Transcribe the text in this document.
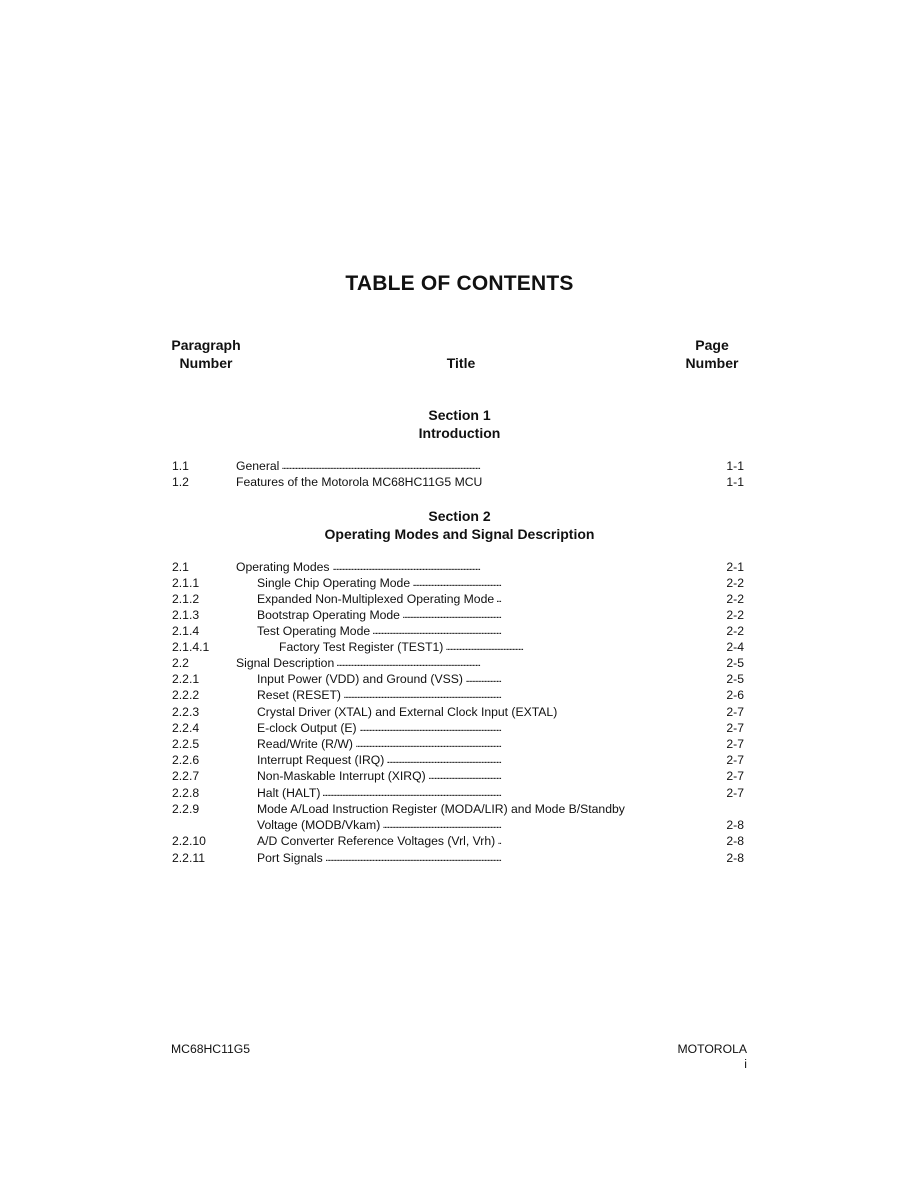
TABLE OF CONTENTS
Paragraph
Number	Title
Page
Number
Section 1
Introduction
1.1	General . . .	1-1
1.2	Features of the Motorola MC68HC11G5 MCU . . .	1-1
Section 2
Operating Modes and Signal Description
2.1	Operating Modes . . .	2-1
2.1.1	Single Chip Operating Mode . . .	2-2
2.1.2	Expanded Non-Multiplexed Operating Mode . . .	2-2
2.1.3	Bootstrap Operating Mode . . .	2-2
2.1.4	Test Operating Mode . . .	2-2
2.1.4.1	Factory Test Register (TEST1) . . .	2-4
2.2	Signal Description . . .	2-5
2.2.1	Input Power (VDD) and Ground (VSS) . . .	2-5
2.2.2	Reset (RESET) . . .	2-6
2.2.3	Crystal Driver (XTAL) and External Clock Input (EXTAL) . . .	2-7
2.2.4	E-clock Output (E) . . .	2-7
2.2.5	Read/Write (R/W) . . .	2-7
2.2.6	Interrupt Request (IRQ) . . .	2-7
2.2.7	Non-Maskable Interrupt (XIRQ) . . .	2-7
2.2.8	Halt (HALT) . . .	2-7
2.2.9	Mode A/Load Instruction Register (MODA/LIR) and Mode B/Standby
Voltage (MODB/Vkam) . . .	2-8
2.2.10	A/D Converter Reference Voltages (Vrl, Vrh) . . .	2-8
2.2.11	Port Signals . . .	2-8
MC68HC11G5	MOTOROLA
i
